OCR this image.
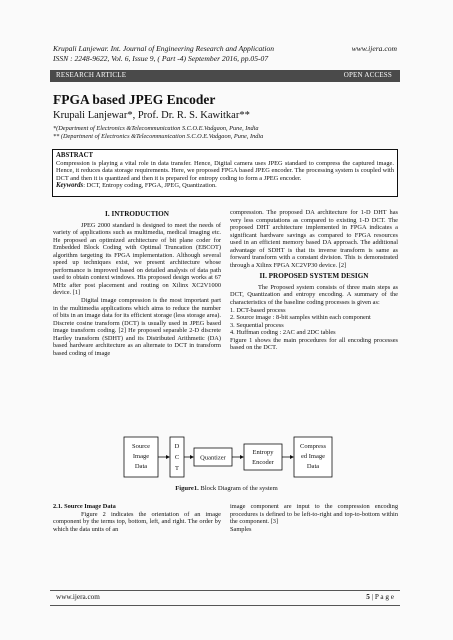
Krupali Lanjewar. Int. Journal of Engineering Research and Application
ISSN : 2248-9622, Vol. 6, Issue 9, ( Part -4) September 2016, pp.05-07
www.ijera.com
RESEARCH ARTICLE	OPEN ACCESS
FPGA based JPEG Encoder
Krupali Lanjewar*, Prof. Dr. R. S. Kawitkar**
*(Department of Electronics &Telecommunication S.C.O.E.Vadgaon, Pune, India
** (Department of Electronics &Telecommunication S.C.O.E.Vadgaon, Pune, India
ABSTRACT
Compression is playing a vital role in data transfer. Hence, Digital camera uses JPEG standard to compress the captured image. Hence, it reduces data storage requirements. Here, we proposed FPGA based JPEG encoder. The processing system is coupled with DCT and then it is quantized and then it is prepared for entropy coding to form a JPEG encoder.
Keywords: DCT, Entropy coding, FPGA, JPEG, Quantization.
I. INTRODUCTION
JPEG 2000 standard is designed to meet the needs of variety of applications such as multimedia, medical imaging etc. He proposed an optimized architecture of bit plane coder for Embedded Block Coding with Optimal Truncation (EBCOT) algorithm targeting its FPGA implementation. Although several speed up techniques exist, we present architecture whose performance is improved based on detailed analysis of data path used to obtain context windows. His proposed design works at 67 MHz after post placement and routing on Xilinx XC2V1000 device. [1]
Digital image compression is the most important part in the multimedia applications which aims to reduce the number of bits in an image data for its efficient storage (less storage area). Discrete cosine transform (DCT) is usually used in JPEG based image transform coding. [2] He proposed separable 2-D discrete Hartley transform (SDHT) and its Distributed Arithmetic (DA) based hardware architecture as an alternate to DCT in transform based coding of image
compression. The proposed DA architecture for 1-D DHT has very less computations as compared to existing 1-D DCT. The proposed DHT architecture implemented in FPGA indicates a significant hardware savings as compared to FPGA resources used in an efficient memory based DA approach. The additional advantage of SDHT is that its inverse transform is same as forward transform with a constant division. This is demonstrated through a Xilinx FPGA XC2VP30 device. [2]
II. PROPOSED SYSTEM DESIGN
The Proposed system consists of three main steps as DCT, Quantization and entropy encoding. A summary of the characteristics of the baseline coding processes is given as:
1. DCT-based process
2. Source image : 8-bit samples within each component
3. Sequential process
4. Huffman coding : 2AC and 2DC tables
Figure 1 shows the main procedures for all encoding processes based on the DCT.
Source
Image
Data
D
C
T
Quantizer
Entropy
Encoder
Compress
ed Image
Data
Figure1. Block Diagram of the system
2.1. Source Image Data
Figure 2 indicates the orientation of an image component by the terms top, bottom, left, and right. The order by which the data units of an
image component are input to the compression encoding procedures is defined to be left-to-right and top-to-bottom within the component. [3]
Samples
www.ijera.com	5 | P a g e
